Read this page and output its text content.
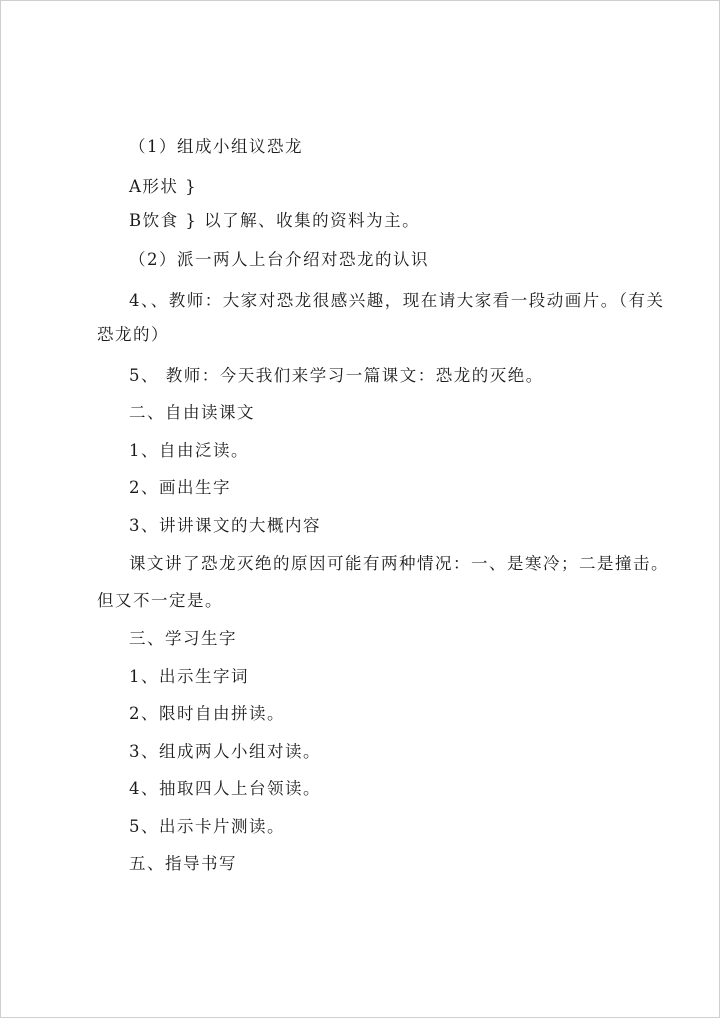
（1）组成小组议恐龙
A形状 }
B饮食 } 以了解、收集的资料为主。
（2）派一两人上台介绍对恐龙的认识
4、、教师：大家对恐龙很感兴趣，现在请大家看一段动画片。（有关
恐龙的）
5、 教师：今天我们来学习一篇课文：恐龙的灭绝。
二、自由读课文
1、自由泛读。
2、画出生字
3、讲讲课文的大概内容
课文讲了恐龙灭绝的原因可能有两种情况：一、是寒冷；二是撞击。
但又不一定是。
三、学习生字
1、出示生字词
2、限时自由拼读。
3、组成两人小组对读。
4、抽取四人上台领读。
5、出示卡片测读。
五、指导书写
